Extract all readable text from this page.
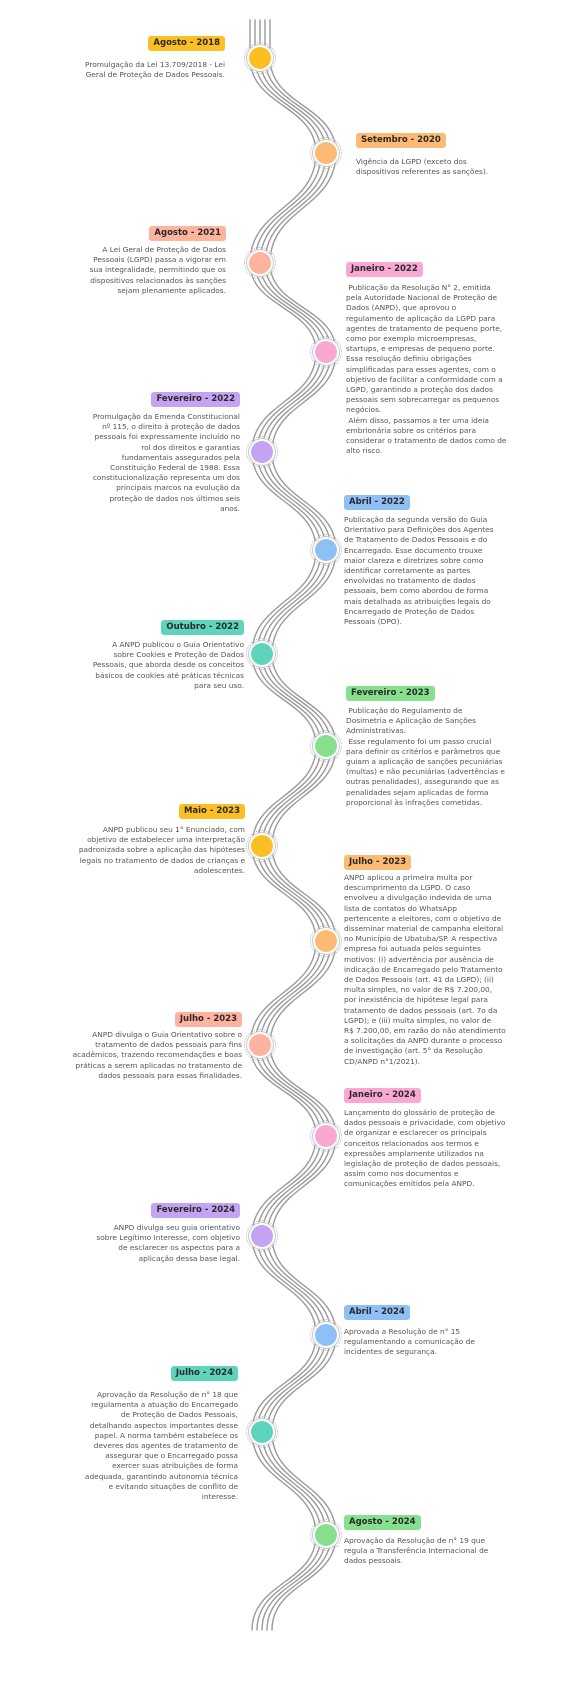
Agosto - 2018

Promulgação da Lei 13.709/2018 - Lei
Geral de Proteção de Dados Pessoais.

Setembro - 2020

Vigência da LGPD (exceto dos
dispositivos referentes as sanções).

Agosto - 2021

A Lei Geral de Proteção de Dados
Pessoais (LGPD) passa a vigorar em
sua integralidade, permitindo que os
dispositivos relacionados às sanções
sejam plenamente aplicados.

Janeiro - 2022

Publicação da Resolução N° 2, emitida
pela Autoridade Nacional de Proteção de
Dados (ANPD), que aprovou o
regulamento de aplicação da LGPD para
agentes de tratamento de pequeno porte,
como por exemplo microempresas,
startups, e empresas de pequeno porte.
Essa resolução definiu obrigações
simplificadas para esses agentes, com o
objetivo de facilitar a conformidade com a
LGPD, garantindo a proteção dos dados
pessoais sem sobrecarregar os pequenos
negócios.
Além disso, passamos a ter uma ideia
embrionária sobre os critérios para
considerar o tratamento de dados como de
alto risco.

Fevereiro - 2022

Promulgação da Emenda Constitucional
nº 115, o direito à proteção de dados
pessoais foi expressamente incluído no
rol dos direitos e garantias
fundamentais assegurados pela
Constituição Federal de 1988. Essa
constitucionalização representa um dos
principais marcos na evolução da
proteção de dados nos últimos seis
anos.

Abril - 2022

Publicação da segunda versão do Guia
Orientativo para Definições dos Agentes
de Tratamento de Dados Pessoais e do
Encarregado. Esse documento trouxe
maior clareza e diretrizes sobre como
identificar corretamente as partes
envolvidas no tratamento de dados
pessoais, bem como abordou de forma
mais detalhada as atribuições legais do
Encarregado de Proteção de Dados
Pessoais (DPO).

Outubro - 2022

A ANPD publicou o Guia Orientativo
sobre Cookies e Proteção de Dados
Pessoais, que aborda desde os conceitos
básicos de cookies até práticas técnicas
para seu uso.

Fevereiro - 2023

Publicação do Regulamento de
Dosimetria e Aplicação de Sanções
Administrativas.
Esse regulamento foi um passo crucial
para definir os critérios e parâmetros que
guiam a aplicação de sanções pecuniárias
(multas) e não pecuniárias (advertências e
outras penalidades), assegurando que as
penalidades sejam aplicadas de forma
proporcional às infrações cometidas.

Maio - 2023

ANPD publicou seu 1° Enunciado, com
objetivo de estabelecer uma interpretação
padronizada sobre a aplicação das hipóteses
legais no tratamento de dados de crianças e
adolescentes.

Julho - 2023

ANPD aplicou a primeira multa por
descumprimento da LGPD. O caso
envolveu a divulgação indevida de uma
lista de contatos do WhatsApp
pertencente a eleitores, com o objetivo de
disseminar material de campanha eleitoral
no Município de Ubatuba/SP. A respectiva
empresa foi autuada pelos seguintes
motivos: (i) advertência por ausência de
indicação de Encarregado pelo Tratamento
de Dados Pessoais (art. 41 da LGPD); (ii)
multa simples, no valor de R$ 7.200,00,
por inexistência de hipótese legal para
tratamento de dados pessoais (art. 7o da
LGPD); e (iii) multa simples, no valor de
R$ 7.200,00, em razão do não atendimento
a solicitações da ANPD durante o processo
de investigação (art. 5° da Resolução
CD/ANPD n°1/2021).

Julho - 2023

ANPD divulga o Guia Orientativo sobre o
tratamento de dados pessoais para fins
acadêmicos, trazendo recomendações e boas
práticas a serem aplicadas no tratamento de
dados pessoais para essas finalidades.

Janeiro - 2024

Lançamento do glossário de proteção de
dados pessoais e privacidade, com objetivo
de organizar e esclarecer os principais
conceitos relacionados aos termos e
expressões amplamente utilizados na
legislação de proteção de dados pessoais,
assim como nos documentos e
comunicações emitidos pela ANPD.

Fevereiro - 2024

ANPD divulga seu guia orientativo
sobre Legítimo Interesse, com objetivo
de esclarecer os aspectos para a
aplicação dessa base legal.

Abril - 2024

Aprovada a Resolução de n° 15
regulamentando a comunicação de
incidentes de segurança.

Julho - 2024

Aprovação da Resolução de n° 18 que
regulamenta a atuação do Encarregado
de Proteção de Dados Pessoais,
detalhando aspectos importantes desse
papel. A norma também estabelece os
deveres dos agentes de tratamento de
assegurar que o Encarregado possa
exercer suas atribuições de forma
adequada, garantindo autonomia técnica
e evitando situações de conflito de
interesse.

Agosto - 2024

Aprovação da Resolução de n° 19 que
regula a Transferência Internacional de
dados pessoais.
